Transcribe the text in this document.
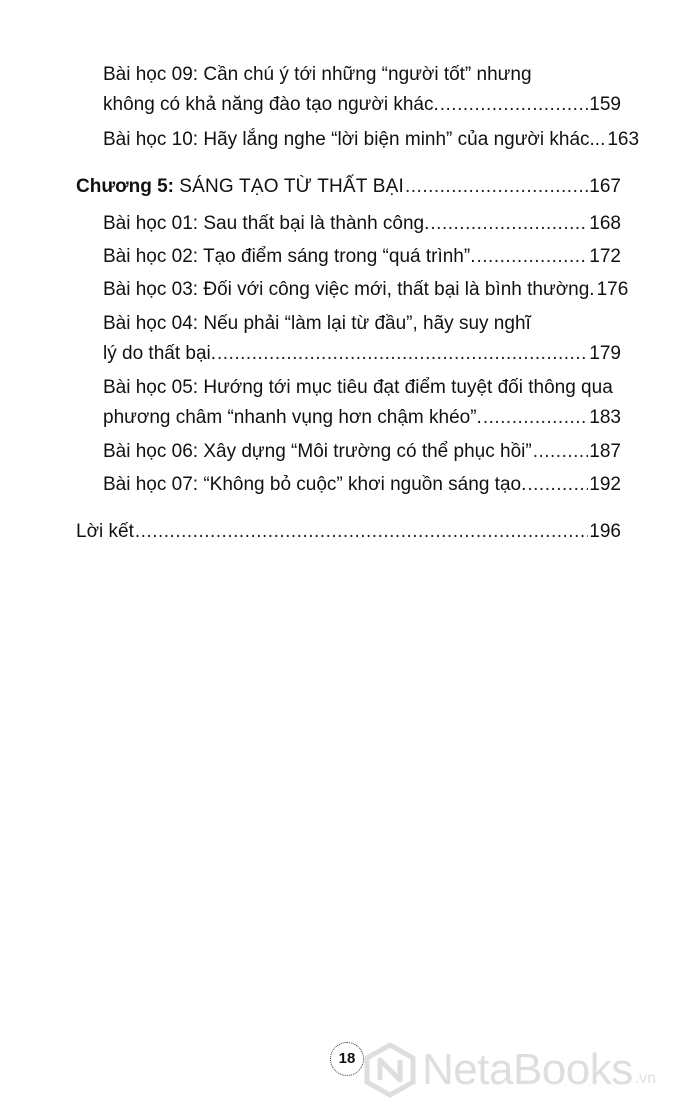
Bài học 09: Cần chú ý tới những “người tốt” nhưng
không có khả năng đào tạo người khác. .....	159
Bài học 10: Hãy lắng nghe “lời biện minh” của người khác... 163
Chương 5: SÁNG TẠO TỪ THẤT BẠI .....	167
Bài học 01: Sau thất bại là thành công. .....	168
Bài học 02: Tạo điểm sáng trong “quá trình”. .....	172
Bài học 03: Đối với công việc mới, thất bại là bình thường. 176
Bài học 04: Nếu phải “làm lại từ đầu”, hãy suy nghĩ
lý do thất bại. .....	179
Bài học 05: Hướng tới mục tiêu đạt điểm tuyệt đối thông qua
phương châm “nhanh vụng hơn chậm khéo”. .....	183
Bài học 06: Xây dựng “Môi trường có thể phục hồi” .....	187
Bài học 07: “Không bỏ cuộc” khơi nguồn sáng tạo. .....	192
Lời kết .....	196
18 NetaBooks .vn
